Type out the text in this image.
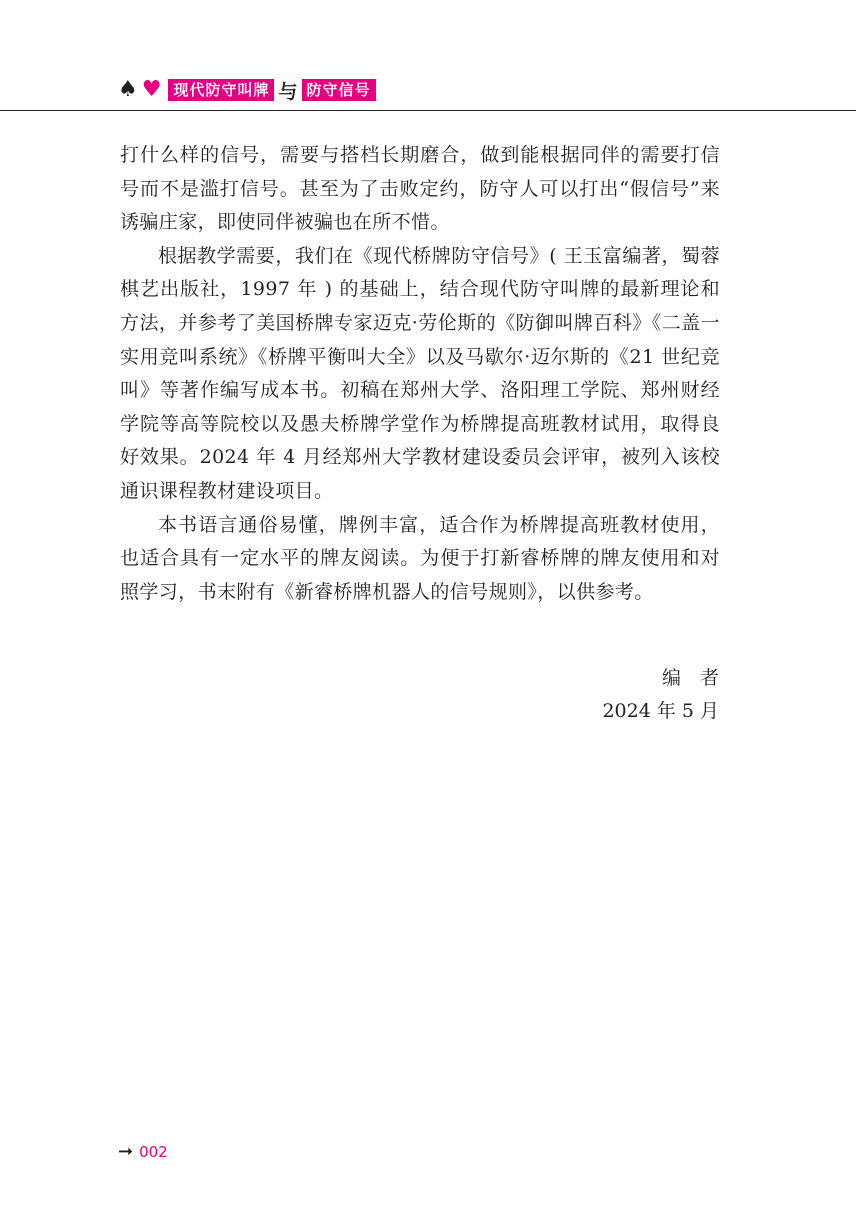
♠ ♥ 现代防守叫牌 与 防守信号

打什么样的信号，需要与搭档长期磨合，做到能根据同伴的需要打信号而不是滥打信号。甚至为了击败定约，防守人可以打出“假信号”来诱骗庄家，即使同伴被骗也在所不惜。

根据教学需要，我们在《现代桥牌防守信号》( 王玉富编著，蜀蓉棋艺出版社，1997 年 ) 的基础上，结合现代防守叫牌的最新理论和方法，并参考了美国桥牌专家迈克·劳伦斯的《防御叫牌百科》《二盖一实用竞叫系统》《桥牌平衡叫大全》以及马歇尔·迈尔斯的《21 世纪竞叫》等著作编写成本书。初稿在郑州大学、洛阳理工学院、郑州财经学院等高等院校以及愚夫桥牌学堂作为桥牌提高班教材试用，取得良好效果。2024 年 4 月经郑州大学教材建设委员会评审，被列入该校通识课程教材建设项目。

本书语言通俗易懂，牌例丰富，适合作为桥牌提高班教材使用，也适合具有一定水平的牌友阅读。为便于打新睿桥牌的牌友使用和对照学习，书末附有《新睿桥牌机器人的信号规则》，以供参考。

编　者
2024 年 5 月
➞ 002
